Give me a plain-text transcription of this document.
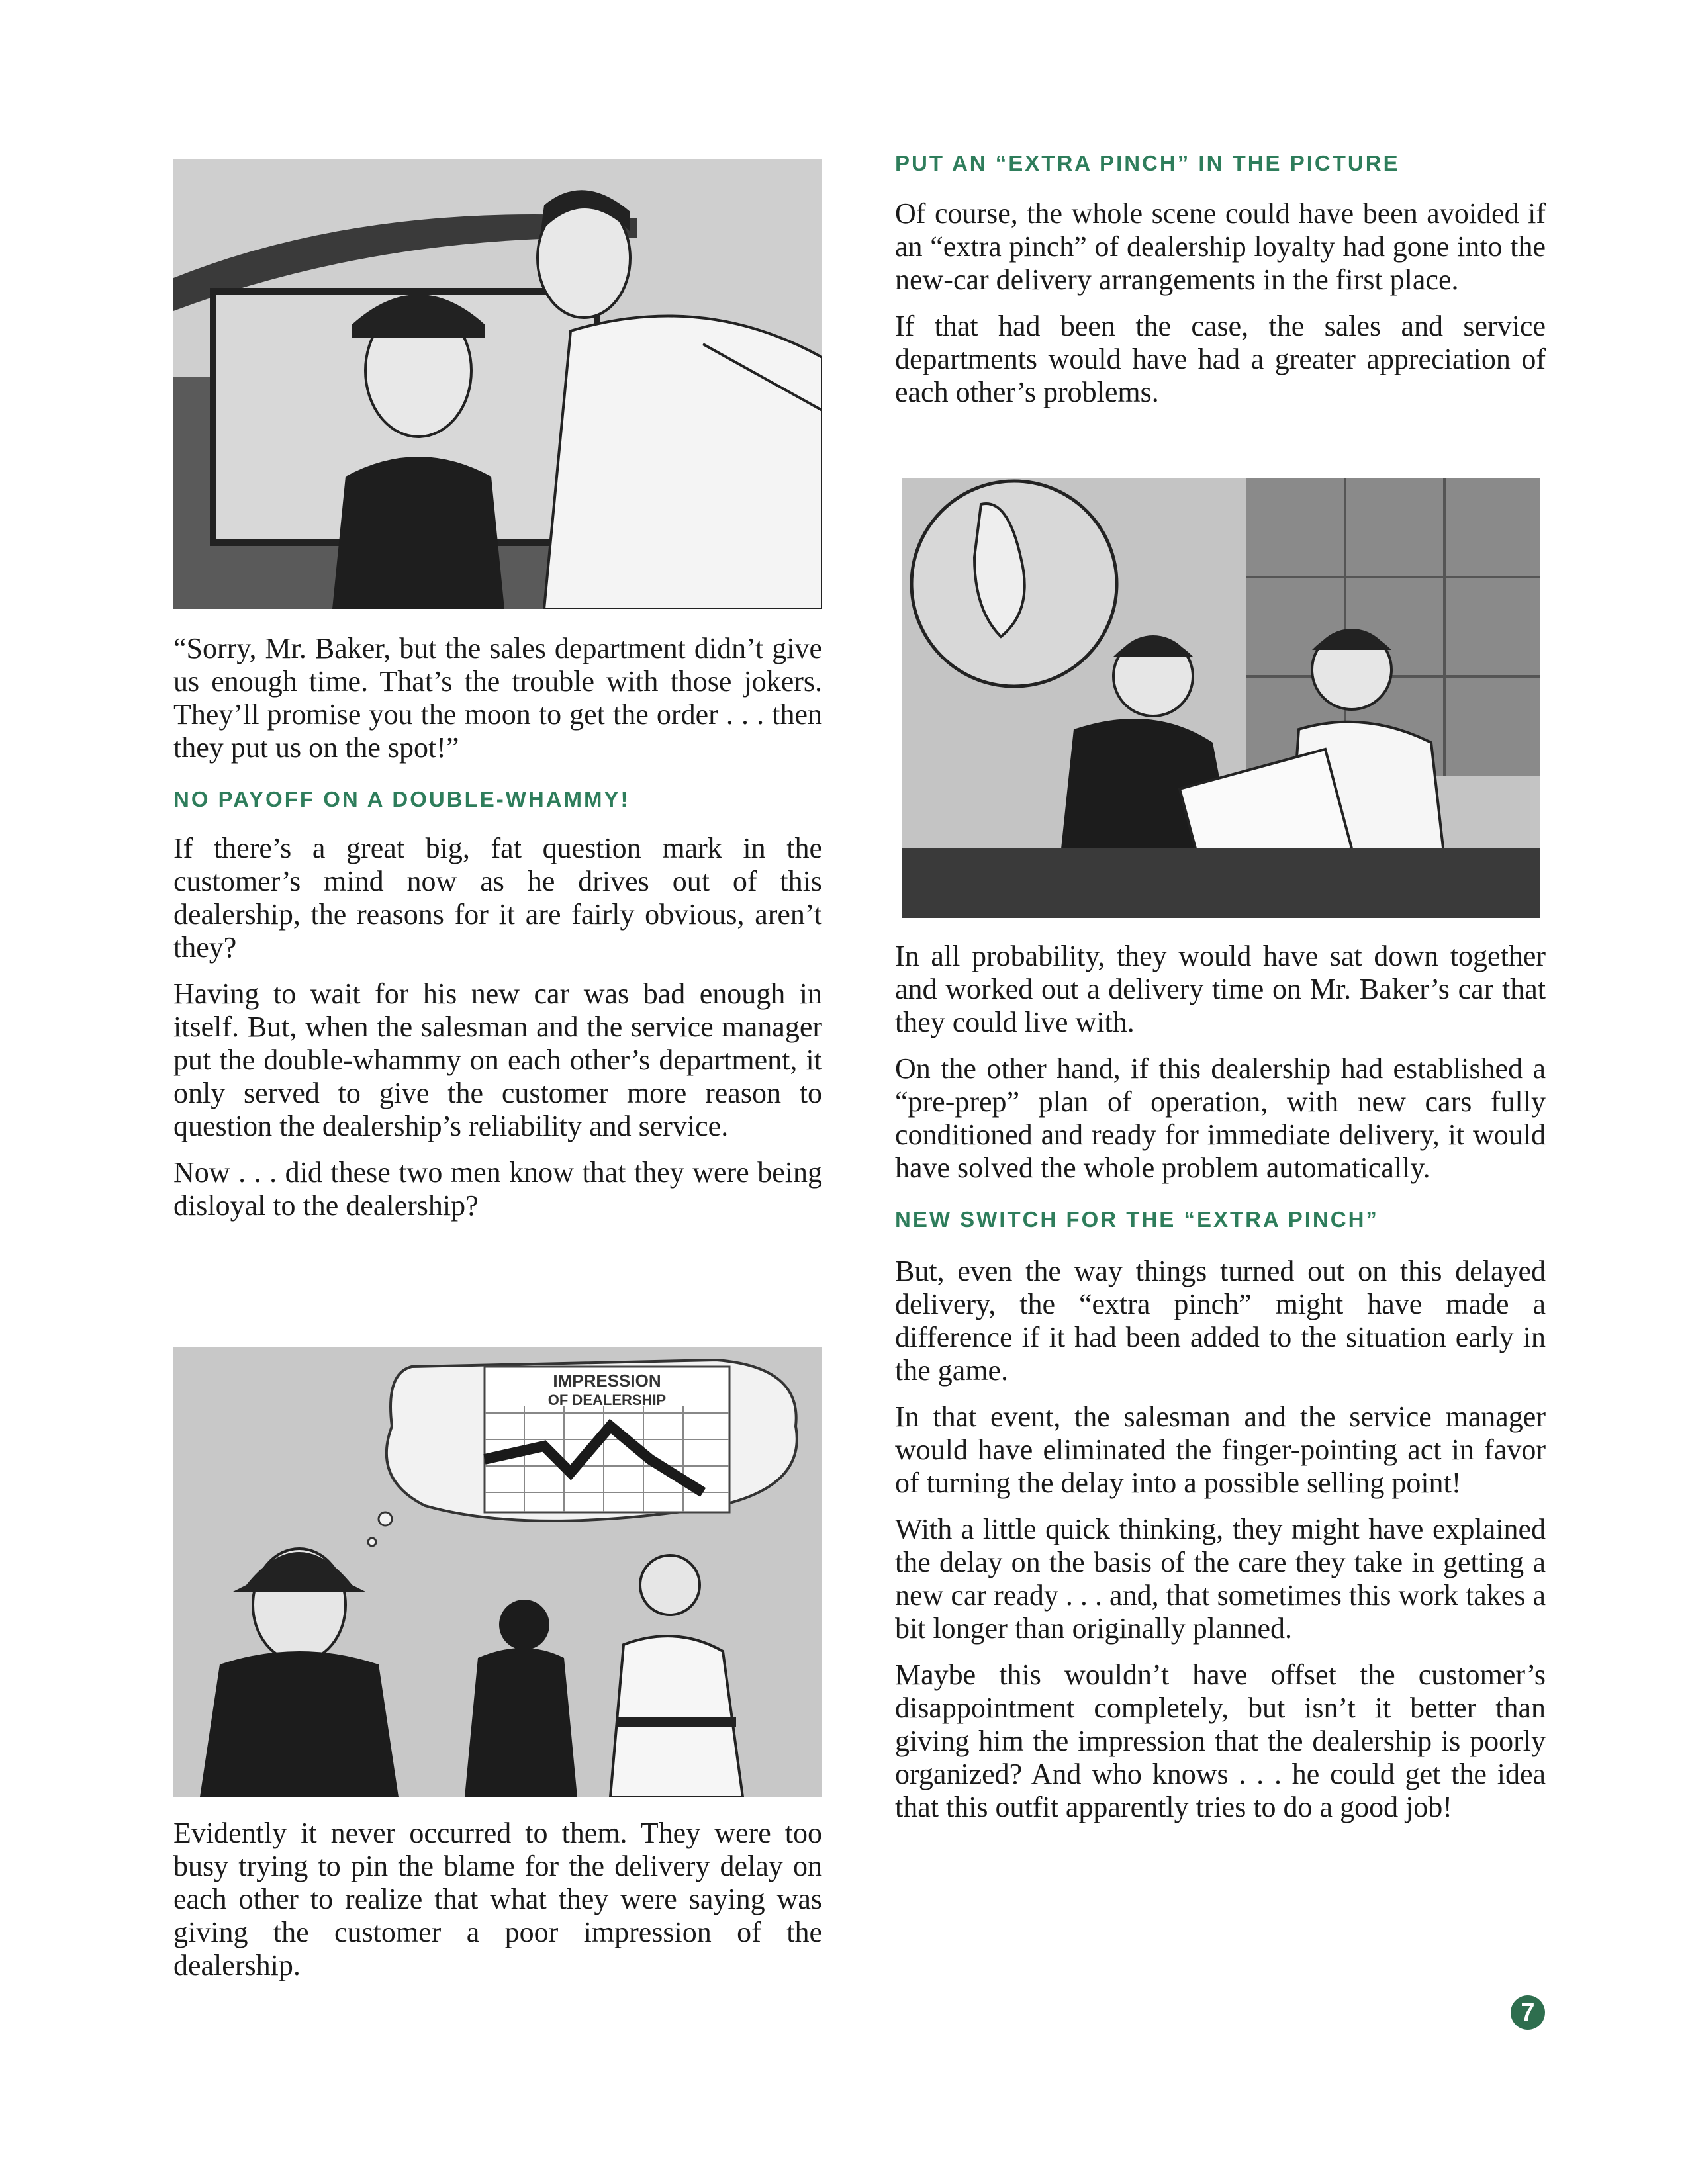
“Sorry, Mr. Baker, but the sales department didn’t give us enough time. That’s the trouble with those jokers. They’ll promise you the moon to get the order . . . then they put us on the spot!”

NO PAYOFF ON A DOUBLE-WHAMMY!

If there’s a great big, fat question mark in the customer’s mind now as he drives out of this dealership, the reasons for it are fairly obvious, aren’t they?

Having to wait for his new car was bad enough in itself. But, when the salesman and the service manager put the double-whammy on each other’s department, it only served to give the customer more reason to question the dealership’s reliability and service.

Now . . . did these two men know that they were being disloyal to the dealership?

IMPRESSION
OF DEALERSHIP

Evidently it never occurred to them. They were too busy trying to pin the blame for the delivery delay on each other to realize that what they were saying was giving the customer a poor impression of the dealership.

PUT AN “EXTRA PINCH” IN THE PICTURE

Of course, the whole scene could have been avoided if an “extra pinch” of dealership loyalty had gone into the new-car delivery arrangements in the first place.

If that had been the case, the sales and service departments would have had a greater appreciation of each other’s problems.

In all probability, they would have sat down together and worked out a delivery time on Mr. Baker’s car that they could live with.

On the other hand, if this dealership had established a “pre-prep” plan of operation, with new cars fully conditioned and ready for immediate delivery, it would have solved the whole problem automatically.

NEW SWITCH FOR THE “EXTRA PINCH”

But, even the way things turned out on this delayed delivery, the “extra pinch” might have made a difference if it had been added to the situation early in the game.

In that event, the salesman and the service manager would have eliminated the finger-pointing act in favor of turning the delay into a possible selling point!

With a little quick thinking, they might have explained the delay on the basis of the care they take in getting a new car ready . . . and, that sometimes this work takes a bit longer than originally planned.

Maybe this wouldn’t have offset the customer’s disappointment completely, but isn’t it better than giving him the impression that the dealership is poorly organized? And who knows . . . he could get the idea that this outfit apparently tries to do a good job!

7
